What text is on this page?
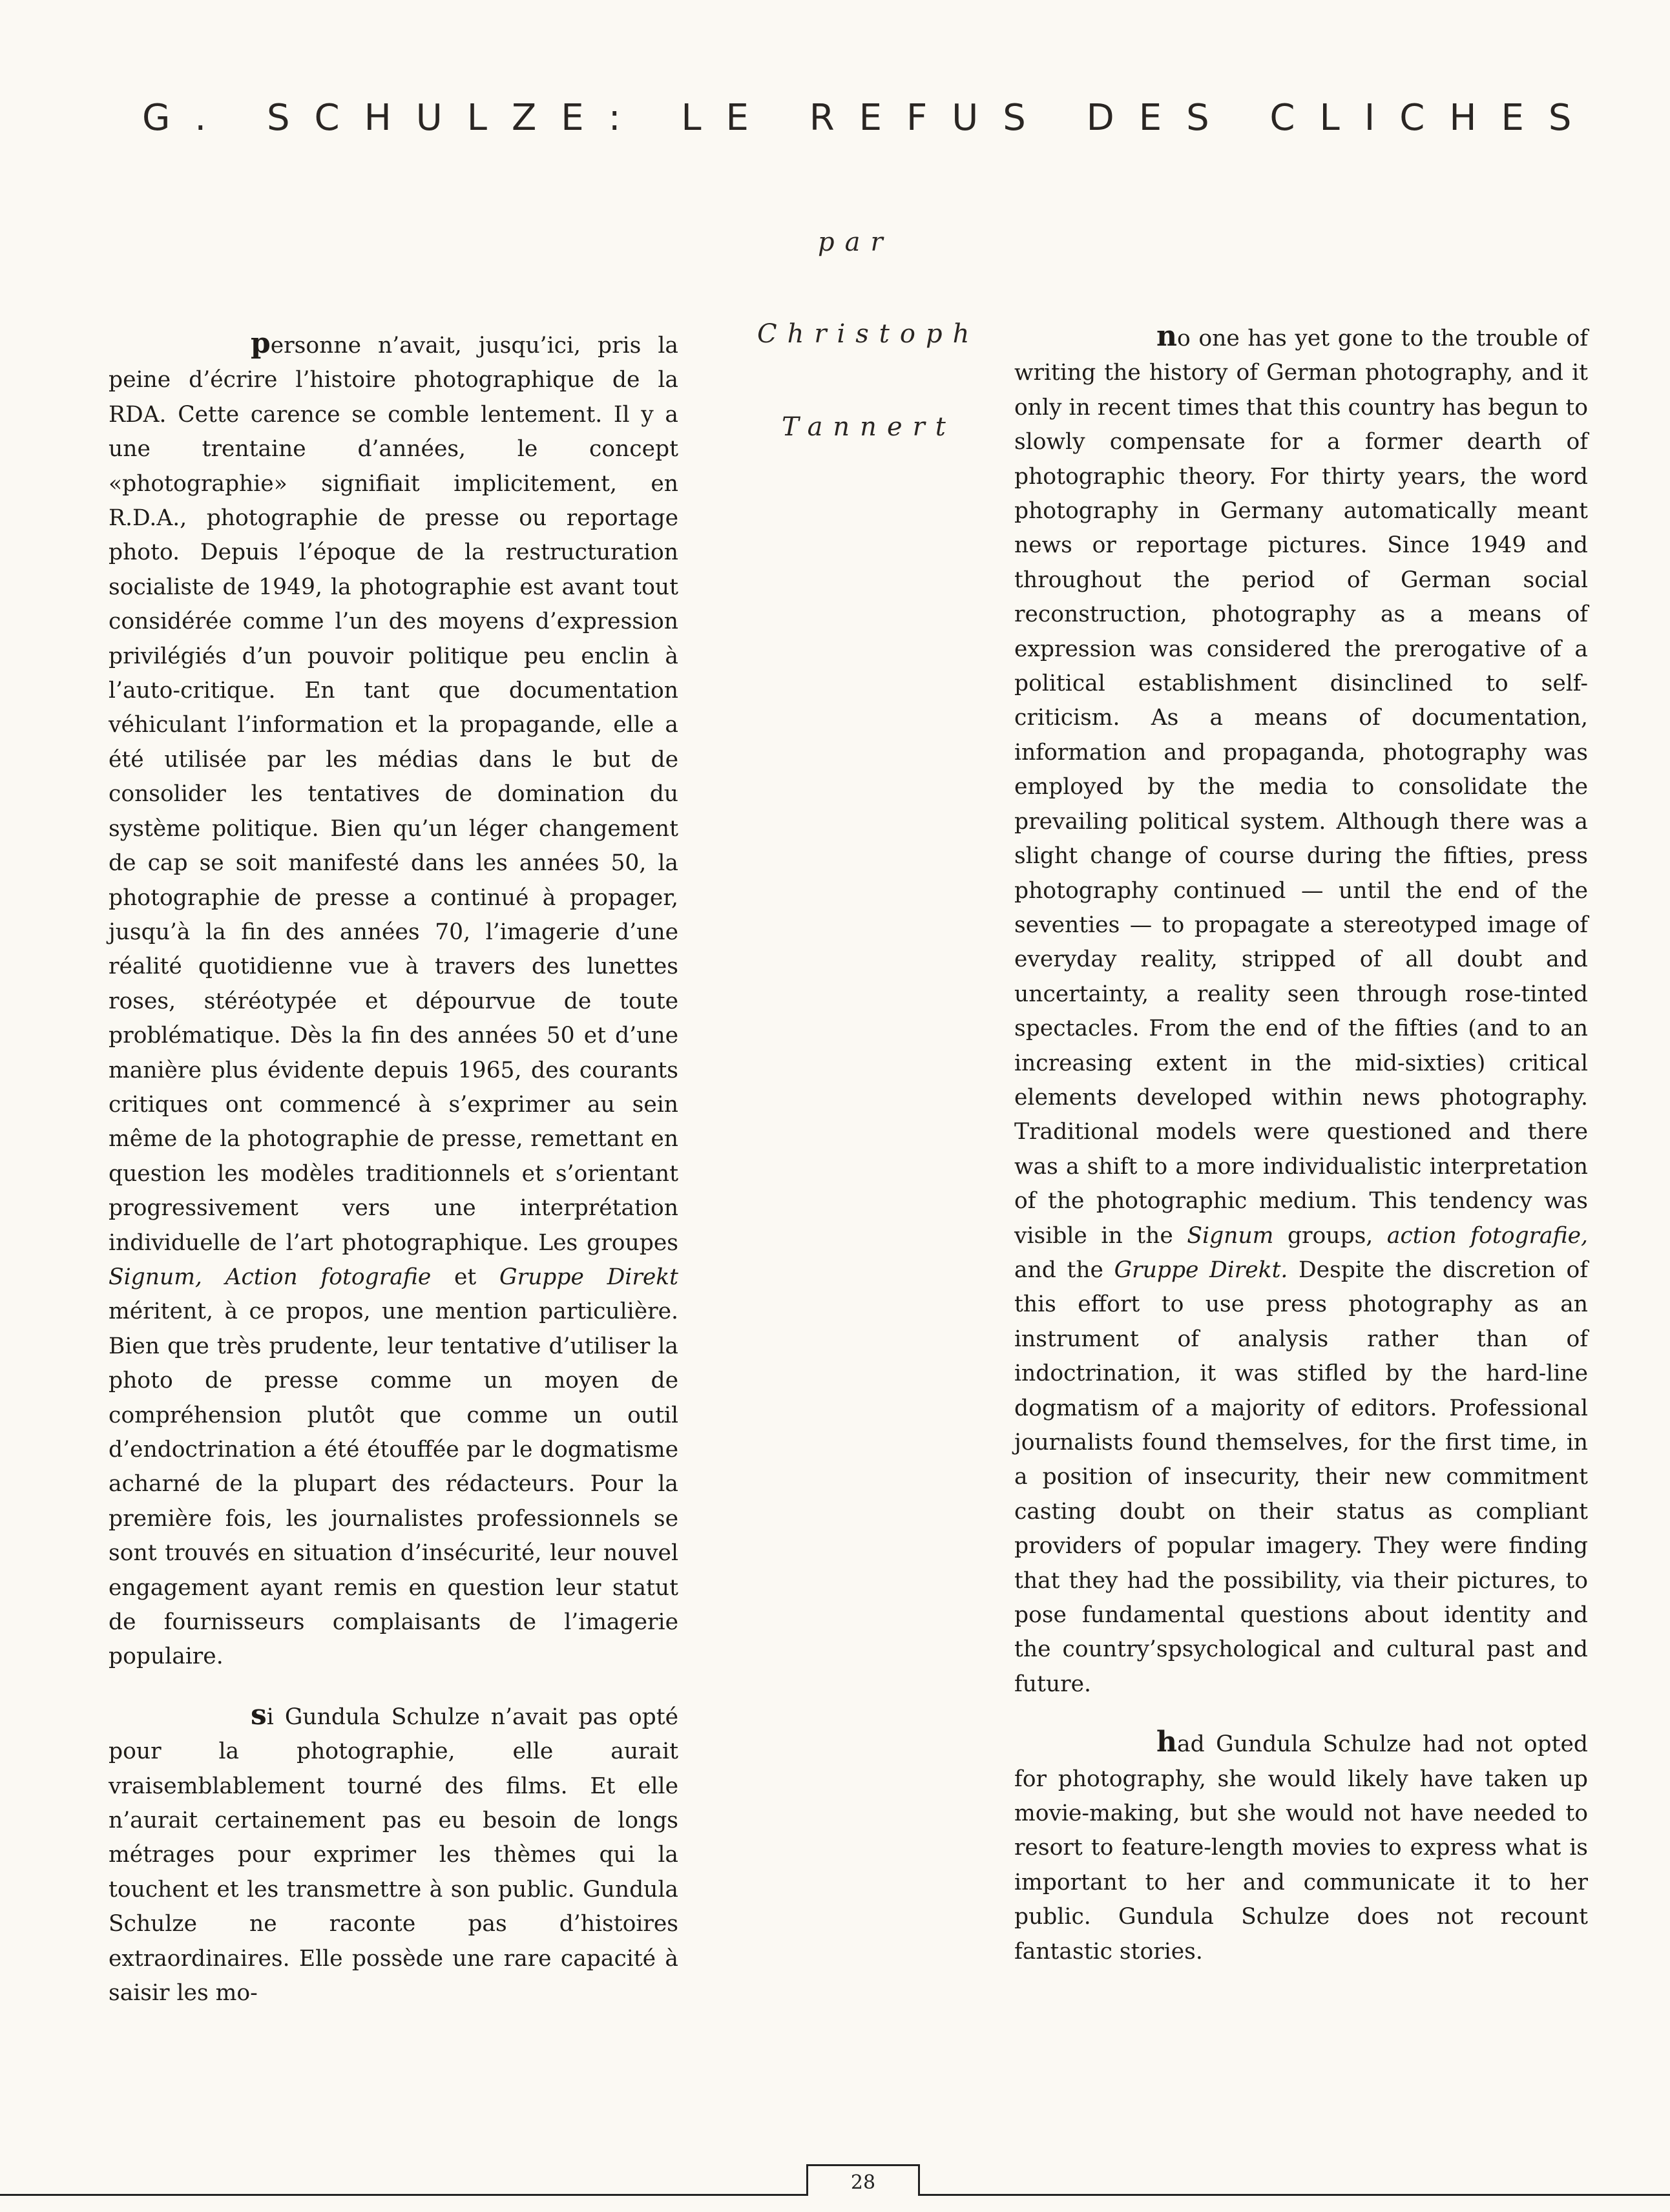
G. SCHULZE: LE REFUS DES CLICHES
par
Christoph
Tannert

personne n’avait, jusqu’ici, pris la peine d’écrire l’histoire photographique de la RDA. Cette carence se comble lentement. Il y a une trentaine d’années, le concept «photographie» signifiait implicitement, en R.D.A., photographie de presse ou reportage photo. Depuis l’époque de la restructuration socialiste de 1949, la photographie est avant tout considérée comme l’un des moyens d’expression privilégiés d’un pouvoir politique peu enclin à l’auto-critique. En tant que documentation véhiculant l’information et la propagande, elle a été utilisée par les médias dans le but de consolider les tentatives de domination du système politique. Bien qu’un léger changement de cap se soit manifesté dans les années 50, la photographie de presse a continué à propager, jusqu’à la fin des années 70, l’imagerie d’une réalité quotidienne vue à travers des lunettes roses, stéréotypée et dépourvue de toute problématique. Dès la fin des années 50 et d’une manière plus évidente depuis 1965, des courants critiques ont commencé à s’exprimer au sein même de la photographie de presse, remettant en question les modèles traditionnels et s’orientant progressivement vers une interprétation individuelle de l’art photographique. Les groupes Signum, Action fotografie et Gruppe Direkt méritent, à ce propos, une mention particulière. Bien que très prudente, leur tentative d’utiliser la photo de presse comme un moyen de compréhension plutôt que comme un outil d’endoctrination a été étouffée par le dogmatisme acharné de la plupart des rédacteurs. Pour la première fois, les journalistes professionnels se sont trouvés en situation d’insécurité, leur nouvel engagement ayant remis en question leur statut de fournisseurs complaisants de l’imagerie populaire.

si Gundula Schulze n’avait pas opté pour la photographie, elle aurait vraisemblablement tourné des films. Et elle n’aurait certainement pas eu besoin de longs métrages pour exprimer les thèmes qui la touchent et les transmettre à son public. Gundula Schulze ne raconte pas d’histoires extraordinaires. Elle possède une rare capacité à saisir les mo-

no one has yet gone to the trouble of writing the history of German photography, and it only in recent times that this country has begun to slowly compensate for a former dearth of photographic theory. For thirty years, the word photography in Germany automatically meant news or reportage pictures. Since 1949 and throughout the period of German social reconstruction, photography as a means of expression was considered the prerogative of a political establishment disinclined to self-criticism. As a means of documentation, information and propaganda, photography was employed by the media to consolidate the prevailing political system. Although there was a slight change of course during the fifties, press photography continued — until the end of the seventies — to propagate a stereotyped image of everyday reality, stripped of all doubt and uncertainty, a reality seen through rose-tinted spectacles. From the end of the fifties (and to an increasing extent in the mid-sixties) critical elements developed within news photography. Traditional models were questioned and there was a shift to a more individualistic interpretation of the photographic medium. This tendency was visible in the Signum groups, action fotografie, and the Gruppe Direkt. Despite the discretion of this effort to use press photography as an instrument of analysis rather than of indoctrination, it was stifled by the hard-line dogmatism of a majority of editors. Professional journalists found themselves, for the first time, in a position of insecurity, their new commitment casting doubt on their status as compliant providers of popular imagery. They were finding that they had the possibility, via their pictures, to pose fundamental questions about identity and the country’spsychological and cultural past and future.

had Gundula Schulze had not opted for photography, she would likely have taken up movie-making, but she would not have needed to resort to feature-length movies to express what is important to her and communicate it to her public. Gundula Schulze does not recount fantastic stories.

28
